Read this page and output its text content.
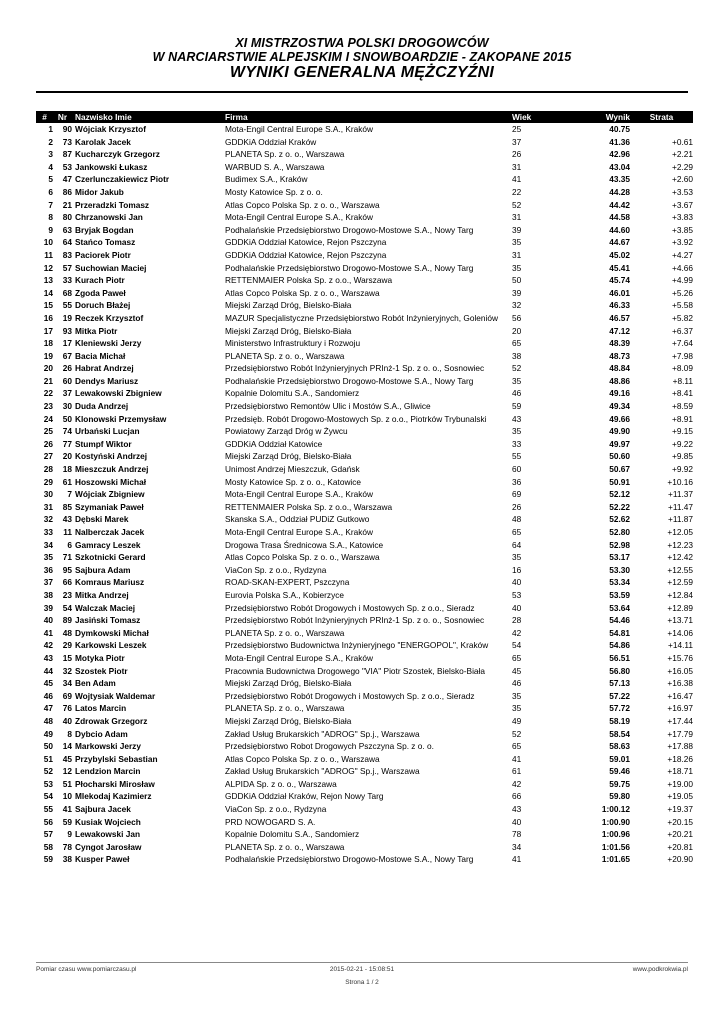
XI MISTRZOSTWA POLSKI DROGOWCÓW
W NARCIARSTWIE ALPEJSKIM I SNOWBOARDZIE - ZAKOPANE 2015
WYNIKI GENERALNA MĘŻCZYŹNI
#	Nr	Nazwisko Imie	Firma	Wiek	Wynik	Strata
1	90	Wójciak Krzysztof	Mota-Engil Central Europe S.A., Kraków	25	40.75	
2	73	Karolak Jacek	GDDKiA Oddział Kraków	37	41.36	+0.61
3	87	Kucharczyk Grzegorz	PLANETA Sp. z o. o., Warszawa	26	42.96	+2.21
4	53	Jankowski Łukasz	WARBUD S. A., Warszawa	31	43.04	+2.29
5	47	Czerlunczakiewicz Piotr	Budimex S.A., Kraków	41	43.35	+2.60
6	86	Midor Jakub	Mosty Katowice Sp. z o. o.	22	44.28	+3.53
7	21	Przeradzki Tomasz	Atlas Copco Polska Sp. z o. o., Warszawa	52	44.42	+3.67
8	80	Chrzanowski Jan	Mota-Engil Central Europe S.A., Kraków	31	44.58	+3.83
9	63	Bryjak Bogdan	Podhalańskie Przedsiębiorstwo Drogowo-Mostowe S.A., Nowy Targ	39	44.60	+3.85
10	64	Stańco Tomasz	GDDKiA Oddział Katowice, Rejon Pszczyna	35	44.67	+3.92
11	83	Paciorek Piotr	GDDKiA Oddział Katowice, Rejon Pszczyna	31	45.02	+4.27
12	57	Suchowian Maciej	Podhalańskie Przedsiębiorstwo Drogowo-Mostowe S.A., Nowy Targ	35	45.41	+4.66
13	33	Kurach Piotr	RETTENMAIER Polska Sp. z o.o., Warszawa	50	45.74	+4.99
14	68	Zgoda Paweł	Atlas Copco Polska Sp. z o. o., Warszawa	39	46.01	+5.26
15	55	Doruch Błażej	Miejski Zarząd Dróg, Bielsko-Biała	32	46.33	+5.58
16	19	Reczek Krzysztof	MAZUR Specjalistyczne Przedsiębiorstwo Robót Inżynieryjnych, Goleniów	56	46.57	+5.82
17	93	Mitka Piotr	Miejski Zarząd Dróg, Bielsko-Biała	20	47.12	+6.37
18	17	Kleniewski Jerzy	Ministerstwo Infrastruktury i Rozwoju	65	48.39	+7.64
19	67	Bacia Michał	PLANETA Sp. z o. o., Warszawa	38	48.73	+7.98
20	26	Habrat Andrzej	Przedsiębiorstwo Robót Inżynieryjnych PRInż-1 Sp. z o. o., Sosnowiec	52	48.84	+8.09
21	60	Dendys Mariusz	Podhalańskie Przedsiębiorstwo Drogowo-Mostowe S.A., Nowy Targ	35	48.86	+8.11
22	37	Lewakowski Zbigniew	Kopalnie Dolomitu S.A., Sandomierz	46	49.16	+8.41
23	30	Duda Andrzej	Przedsiębiorstwo Remontów Ulic i Mostów S.A., Gliwice	59	49.34	+8.59
24	50	Klonowski Przemysław	Przedsięb. Robót Drogowo-Mostowych Sp. z o.o., Piotrków Trybunalski	43	49.66	+8.91
25	74	Urbański Lucjan	Powiatowy Zarząd Dróg w Żywcu	35	49.90	+9.15
26	77	Stumpf Wiktor	GDDKiA Oddział Katowice	33	49.97	+9.22
27	20	Kostyński Andrzej	Miejski Zarząd Dróg, Bielsko-Biała	55	50.60	+9.85
28	18	Mieszczuk Andrzej	Unimost Andrzej Mieszczuk, Gdańsk	60	50.67	+9.92
29	61	Hoszowski Michał	Mosty Katowice Sp. z o. o., Katowice	36	50.91	+10.16
30	7	Wójciak Zbigniew	Mota-Engil Central Europe S.A., Kraków	69	52.12	+11.37
31	85	Szymaniak Paweł	RETTENMAIER Polska Sp. z o.o., Warszawa	26	52.22	+11.47
32	43	Dębski Marek	Skanska S.A., Oddział PUDiZ Gutkowo	48	52.62	+11.87
33	11	Nalberczak Jacek	Mota-Engil Central Europe S.A., Kraków	65	52.80	+12.05
34	6	Gamracy Leszek	Drogowa Trasa Średnicowa S.A., Katowice	64	52.98	+12.23
35	71	Szkotnicki Gerard	Atlas Copco Polska Sp. z o. o., Warszawa	35	53.17	+12.42
36	95	Sajbura Adam	ViaCon Sp. z o.o., Rydzyna	16	53.30	+12.55
37	66	Komraus Mariusz	ROAD-SKAN-EXPERT, Pszczyna	40	53.34	+12.59
38	23	Mitka Andrzej	Eurovia Polska S.A., Kobierzyce	53	53.59	+12.84
39	54	Walczak Maciej	Przedsiębiorstwo Robót Drogowych i Mostowych Sp. z o.o., Sieradz	40	53.64	+12.89
40	89	Jasiński Tomasz	Przedsiębiorstwo Robót Inżynieryjnych PRInż-1 Sp. z o. o., Sosnowiec	28	54.46	+13.71
41	48	Dymkowski Michał	PLANETA Sp. z o. o., Warszawa	42	54.81	+14.06
42	29	Karkowski Leszek	Przedsiębiorstwo Budownictwa Inżynieryjnego "ENERGOPOL", Kraków	54	54.86	+14.11
43	15	Motyka Piotr	Mota-Engil Central Europe S.A., Kraków	65	56.51	+15.76
44	32	Szostek Piotr	Pracownia Budownictwa Drogowego "VIA" Piotr Szostek, Bielsko-Biała	45	56.80	+16.05
45	34	Ben Adam	Miejski Zarząd Dróg, Bielsko-Biała	46	57.13	+16.38
46	69	Wojtysiak Waldemar	Przedsiębiorstwo Robót Drogowych i Mostowych Sp. z o.o., Sieradz	35	57.22	+16.47
47	76	Latos Marcin	PLANETA Sp. z o. o., Warszawa	35	57.72	+16.97
48	40	Zdrowak Grzegorz	Miejski Zarząd Dróg, Bielsko-Biała	49	58.19	+17.44
49	8	Dybcio Adam	Zakład Usług Brukarskich "ADROG" Sp.j., Warszawa	52	58.54	+17.79
50	14	Markowski Jerzy	Przedsiębiorstwo Robot Drogowych Pszczyna Sp. z o. o.	65	58.63	+17.88
51	45	Przybylski Sebastian	Atlas Copco Polska Sp. z o. o., Warszawa	41	59.01	+18.26
52	12	Lendzion Marcin	Zakład Usług Brukarskich "ADROG" Sp.j., Warszawa	61	59.46	+18.71
53	51	Płocharski Mirosław	ALPIDA Sp. z o. o., Warszawa	42	59.75	+19.00
54	10	Mlekodaj Kazimierz	GDDKiA Oddział Kraków, Rejon Nowy Targ	66	59.80	+19.05
55	41	Sajbura Jacek	ViaCon Sp. z o.o., Rydzyna	43	1:00.12	+19.37
56	59	Kusiak Wojciech	PRD NOWOGARD S. A.	40	1:00.90	+20.15
57	9	Lewakowski Jan	Kopalnie Dolomitu S.A., Sandomierz	78	1:00.96	+20.21
58	78	Cyngot Jarosław	PLANETA Sp. z o. o., Warszawa	34	1:01.56	+20.81
59	38	Kusper Paweł	Podhalańskie Przedsiębiorstwo Drogowo-Mostowe S.A., Nowy Targ	41	1:01.65	+20.90
Pomiar czasu www.pomiarczasu.pl	2015-02-21 - 15:08:51	www.podkrokwia.pl
Strona 1 / 2
